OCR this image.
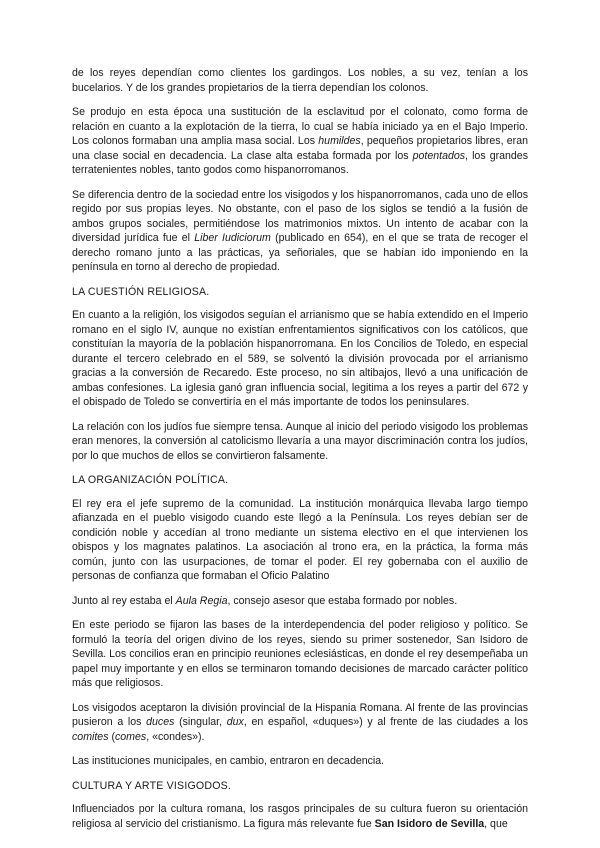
de los reyes dependían como clientes los gardingos. Los nobles, a su vez, tenían a los bucelarios. Y de los grandes propietarios de la tierra dependían los colonos.

Se produjo en esta época una sustitución de la esclavitud por el colonato, como forma de relación en cuanto a la explotación de la tierra, lo cual se había iniciado ya en el Bajo Imperio. Los colonos formaban una amplia masa social. Los humildes, pequeños propietarios libres, eran una clase social en decadencia. La clase alta estaba formada por los potentados, los grandes terratenientes nobles, tanto godos como hispanorromanos.

Se diferencia dentro de la sociedad entre los visigodos y los hispanorromanos, cada uno de ellos regido por sus propias leyes. No obstante, con el paso de los siglos se tendió a la fusión de ambos grupos sociales, permitiéndose los matrimonios mixtos. Un intento de acabar con la diversidad jurídica fue el Liber Iudiciorum (publicado en 654), en el que se trata de recoger el derecho romano junto a las prácticas, ya señoriales, que se habían ido imponiendo en la península en torno al derecho de propiedad.

LA CUESTIÓN RELIGIOSA.

En cuanto a la religión, los visigodos seguían el arrianismo que se había extendido en el Imperio romano en el siglo IV, aunque no existían enfrentamientos significativos con los católicos, que constituían la mayoría de la población hispanorromana. En los Concilios de Toledo, en especial durante el tercero celebrado en el 589, se solventó la división provocada por el arrianismo gracias a la conversión de Recaredo. Este proceso, no sin altibajos, llevó a una unificación de ambas confesiones. La iglesia ganó gran influencia social, legitima a los reyes a partir del 672 y el obispado de Toledo se convertiría en el más importante de todos los peninsulares.

La relación con los judíos fue siempre tensa. Aunque al inicio del periodo visigodo los problemas eran menores, la conversión al catolicismo llevaría a una mayor discriminación contra los judíos, por lo que muchos de ellos se convirtieron falsamente.

LA ORGANIZACIÓN POLÍTICA.

El rey era el jefe supremo de la comunidad. La institución monárquica llevaba largo tiempo afianzada en el pueblo visigodo cuando este llegó a la Península. Los reyes debían ser de condición noble y accedían al trono mediante un sistema electivo en el que intervienen los obispos y los magnates palatinos. La asociación al trono era, en la práctica, la forma más común, junto con las usurpaciones, de tomar el poder. El rey gobernaba con el auxilio de personas de confianza que formaban el Oficio Palatino

Junto al rey estaba el Aula Regia, consejo asesor que estaba formado por nobles.

En este periodo se fijaron las bases de la interdependencia del poder religioso y político. Se formuló la teoría del origen divino de los reyes, siendo su primer sostenedor, San Isidoro de Sevilla. Los concilios eran en principio reuniones eclesiásticas, en donde el rey desempeñaba un papel muy importante y en ellos se terminaron tomando decisiones de marcado carácter político más que religiosos.

Los visigodos aceptaron la división provincial de la Hispania Romana. Al frente de las provincias pusieron a los duces (singular, dux, en español, «duques») y al frente de las ciudades a los comites (comes, «condes»).

Las instituciones municipales, en cambio, entraron en decadencia.

CULTURA Y ARTE VISIGODOS.

Influenciados por la cultura romana, los rasgos principales de su cultura fueron su orientación religiosa al servicio del cristianismo. La figura más relevante fue San Isidoro de Sevilla, que
